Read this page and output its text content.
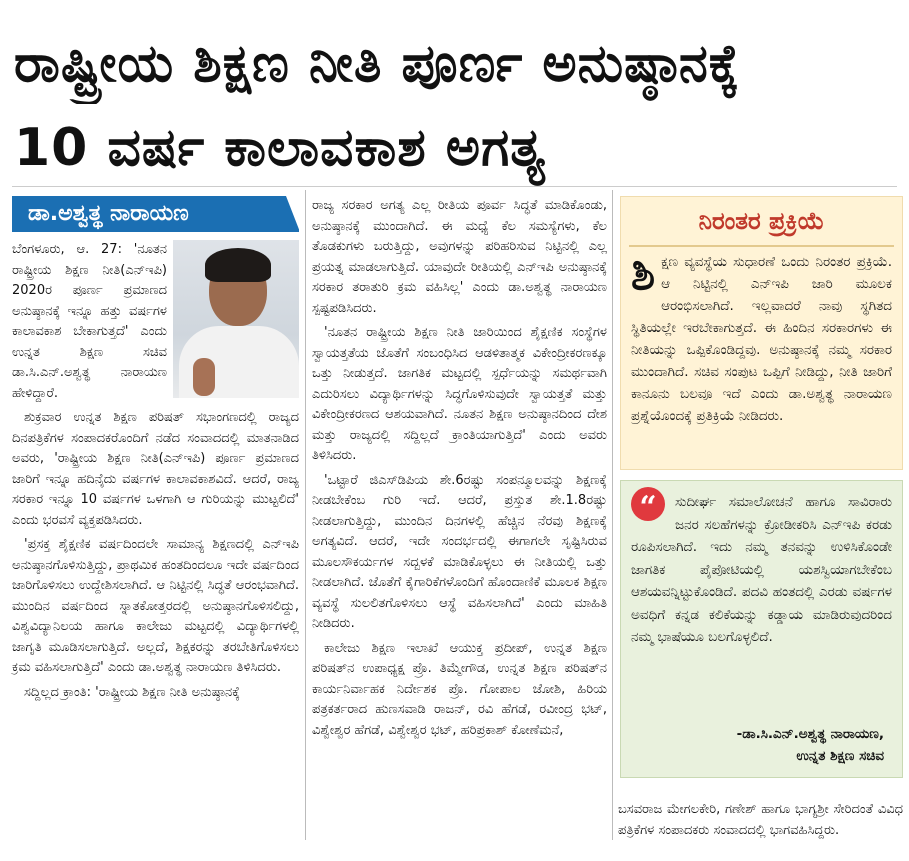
ರಾಷ್ಟ್ರೀಯ ಶಿಕ್ಷಣ ನೀತಿ ಪೂರ್ಣ ಅನುಷ್ಠಾನಕ್ಕೆ
10 ವರ್ಷ ಕಾಲಾವಕಾಶ ಅಗತ್ಯ
ಡಾ.ಅಶ್ವತ್ಥ ನಾರಾಯಣ

ಬೆಂಗಳೂರು, ಆ. 27: 'ನೂತನ ರಾಷ್ಟ್ರೀಯ ಶಿಕ್ಷಣ ನೀತಿ(ಎನ್‌ಇಪಿ) 2020ರ ಪೂರ್ಣ ಪ್ರಮಾಣದ ಅನುಷ್ಠಾನಕ್ಕೆ ಇನ್ನೂ ಹತ್ತು ವರ್ಷಗಳ ಕಾಲಾವಕಾಶ ಬೇಕಾಗುತ್ತದೆ' ಎಂದು ಉನ್ನತ ಶಿಕ್ಷಣ ಸಚಿವ ಡಾ.ಸಿ.ಎನ್.ಅಶ್ವತ್ಥ ನಾರಾಯಣ ಹೇಳಿದ್ದಾರೆ.

ಶುಕ್ರವಾರ ಉನ್ನತ ಶಿಕ್ಷಣ ಪರಿಷತ್ ಸಭಾಂಗಣದಲ್ಲಿ ರಾಜ್ಯದ ದಿನಪತ್ರಿಕೆಗಳ ಸಂಪಾದಕರೊಂದಿಗೆ ನಡೆದ ಸಂವಾದದಲ್ಲಿ ಮಾತನಾಡಿದ ಅವರು, 'ರಾಷ್ಟ್ರೀಯ ಶಿಕ್ಷಣ ನೀತಿ(ಎನ್‌ಇಪಿ) ಪೂರ್ಣ ಪ್ರಮಾಣದ ಜಾರಿಗೆ ಇನ್ನೂ ಹದಿನೈದು ವರ್ಷಗಳ ಕಾಲಾವಕಾಶವಿದೆ. ಆದರೆ, ರಾಜ್ಯ ಸರಕಾರ ಇನ್ನೂ 10 ವರ್ಷಗಳ ಒಳಗಾಗಿ ಆ ಗುರಿಯನ್ನು ಮುಟ್ಟಲಿದೆ' ಎಂದು ಭರವಸೆ ವ್ಯಕ್ತಪಡಿಸಿದರು.

'ಪ್ರಸಕ್ತ ಶೈಕ್ಷಣಿಕ ವರ್ಷದಿಂದಲೇ ಸಾಮಾನ್ಯ ಶಿಕ್ಷಣದಲ್ಲಿ ಎನ್‌ಇಪಿ ಅನುಷ್ಠಾನಗೊಳಿಸುತ್ತಿದ್ದು, ಪ್ರಾಥಮಿಕ ಹಂತದಿಂದಲೂ ಇದೇ ವರ್ಷದಿಂದ ಜಾರಿಗೊಳಿಸಲು ಉದ್ದೇಶಿಸಲಾಗಿದೆ. ಆ ನಿಟ್ಟಿನಲ್ಲಿ ಸಿದ್ಧತೆ ಆರಂಭವಾಗಿದೆ. ಮುಂದಿನ ವರ್ಷದಿಂದ ಸ್ನಾತಕೋತ್ತರದಲ್ಲಿ ಅನುಷ್ಠಾನಗೊಳಿಸಲಿದ್ದು, ವಿಶ್ವವಿದ್ಯಾನಿಲಯ ಹಾಗೂ ಕಾಲೇಜು ಮಟ್ಟದಲ್ಲಿ ವಿದ್ಯಾರ್ಥಿಗಳಲ್ಲಿ ಜಾಗೃತಿ ಮೂಡಿಸಲಾಗುತ್ತಿದೆ. ಅಲ್ಲದೆ, ಶಿಕ್ಷಕರನ್ನು ತರಬೇತಿಗೊಳಿಸಲು ಕ್ರಮ ವಹಿಸಲಾಗುತ್ತಿದೆ' ಎಂದು ಡಾ.ಅಶ್ವತ್ಥ ನಾರಾಯಣ ತಿಳಿಸಿದರು.

ಸದ್ದಿಲ್ಲದ ಕ್ರಾಂತಿ: 'ರಾಷ್ಟ್ರೀಯ ಶಿಕ್ಷಣ ನೀತಿ ಅನುಷ್ಠಾನಕ್ಕೆ

ರಾಜ್ಯ ಸರಕಾರ ಅಗತ್ಯ ಎಲ್ಲ ರೀತಿಯ ಪೂರ್ವ ಸಿದ್ಧತೆ ಮಾಡಿಕೊಂಡು, ಅನುಷ್ಠಾನಕ್ಕೆ ಮುಂದಾಗಿದೆ. ಈ ಮಧ್ಯೆ ಕೆಲ ಸಮಸ್ಯೆಗಳು, ಕೆಲ ತೊಡಕುಗಳು ಬರುತ್ತಿದ್ದು, ಅವುಗಳನ್ನು ಪರಿಹರಿಸುವ ನಿಟ್ಟಿನಲ್ಲಿ ಎಲ್ಲ ಪ್ರಯತ್ನ ಮಾಡಲಾಗುತ್ತಿದೆ. ಯಾವುದೇ ರೀತಿಯಲ್ಲಿ ಎನ್‌ಇಪಿ ಅನುಷ್ಠಾನಕ್ಕೆ ಸರಕಾರ ತರಾತುರಿ ಕ್ರಮ ವಹಿಸಿಲ್ಲ' ಎಂದು ಡಾ.ಅಶ್ವತ್ಥ ನಾರಾಯಣ ಸ್ಪಷ್ಟಪಡಿಸಿದರು.

'ನೂತನ ರಾಷ್ಟ್ರೀಯ ಶಿಕ್ಷಣ ನೀತಿ ಜಾರಿಯಿಂದ ಶೈಕ್ಷಣಿಕ ಸಂಸ್ಥೆಗಳ ಸ್ವಾಯತ್ತತೆಯ ಜೊತೆಗೆ ಸಂಬಂಧಿಸಿದ ಆಡಳಿತಾತ್ಮಕ ವಿಕೇಂದ್ರೀಕರಣಕ್ಕೂ ಒತ್ತು ನೀಡುತ್ತದೆ. ಜಾಗತಿಕ ಮಟ್ಟದಲ್ಲಿ ಸ್ಪರ್ಧೆಯನ್ನು ಸಮರ್ಥವಾಗಿ ಎದುರಿಸಲು ವಿದ್ಯಾರ್ಥಿಗಳನ್ನು ಸಿದ್ಧಗೊಳಿಸುವುದೇ ಸ್ವಾಯತ್ತತೆ ಮತ್ತು ವಿಕೇಂದ್ರೀಕರಣದ ಆಶಯವಾಗಿದೆ. ನೂತನ ಶಿಕ್ಷಣ ಅನುಷ್ಠಾನದಿಂದ ದೇಶ ಮತ್ತು ರಾಜ್ಯದಲ್ಲಿ ಸದ್ದಿಲ್ಲದೆ ಕ್ರಾಂತಿಯಾಗುತ್ತಿದೆ' ಎಂದು ಅವರು ತಿಳಿಸಿದರು.

'ಒಟ್ಟಾರೆ ಜಿಎಸ್‌ಡಿಪಿಯ ಶೇ.6ರಷ್ಟು ಸಂಪನ್ಮೂಲವನ್ನು ಶಿಕ್ಷಣಕ್ಕೆ ನೀಡಬೇಕೆಂಬ ಗುರಿ ಇದೆ. ಆದರೆ, ಪ್ರಸ್ತುತ ಶೇ.1.8ರಷ್ಟು ನೀಡಲಾಗುತ್ತಿದ್ದು, ಮುಂದಿನ ದಿನಗಳಲ್ಲಿ ಹೆಚ್ಚಿನ ನೆರವು ಶಿಕ್ಷಣಕ್ಕೆ ಅಗತ್ಯವಿದೆ. ಆದರೆ, ಇದೇ ಸಂದರ್ಭದಲ್ಲಿ ಈಗಾಗಲೇ ಸೃಷ್ಟಿಸಿರುವ ಮೂಲಸೌಕರ್ಯಗಳ ಸದ್ಬಳಕೆ ಮಾಡಿಕೊಳ್ಳಲು ಈ ನೀತಿಯಲ್ಲಿ ಒತ್ತು ನೀಡಲಾಗಿದೆ. ಜೊತೆಗೆ ಕೈಗಾರಿಕೆಗಳೊಂದಿಗೆ ಹೊಂದಾಣಿಕೆ ಮೂಲಕ ಶಿಕ್ಷಣ ವ್ಯವಸ್ಥೆ ಸುಲಲಿತಗೊಳಿಸಲು ಆಸ್ಥೆ ವಹಿಸಲಾಗಿದೆ' ಎಂದು ಮಾಹಿತಿ ನೀಡಿದರು.

ಕಾಲೇಜು ಶಿಕ್ಷಣ ಇಲಾಖೆ ಆಯುಕ್ತ ಪ್ರದೀಪ್, ಉನ್ನತ ಶಿಕ್ಷಣ ಪರಿಷತ್‌ನ ಉಪಾಧ್ಯಕ್ಷ ಪ್ರೊ. ತಿಮ್ಮೇಗೌಡ, ಉನ್ನತ ಶಿಕ್ಷಣ ಪರಿಷತ್‌ನ ಕಾರ್ಯನಿರ್ವಾಹಕ ನಿರ್ದೇಶಕ ಪ್ರೊ. ಗೋಪಾಲ ಜೋಶಿ, ಹಿರಿಯ ಪತ್ರಕರ್ತರಾದ ಹುಣಸವಾಡಿ ರಾಜನ್, ರವಿ ಹೆಗಡೆ, ರವೀಂದ್ರ ಭಟ್, ವಿಶ್ವೇಶ್ವರ ಹೆಗಡೆ, ವಿಶ್ವೇಶ್ವರ ಭಟ್, ಹರಿಪ್ರಕಾಶ್ ಕೋಣೆಮನೆ,

ನಿರಂತರ ಪ್ರಕ್ರಿಯೆ
ಶಿಕ್ಷಣ ವ್ಯವಸ್ಥೆಯ ಸುಧಾರಣೆ ಒಂದು ನಿರಂತರ ಪ್ರಕ್ರಿಯೆ. ಆ ನಿಟ್ಟಿನಲ್ಲಿ ಎನ್‌ಇಪಿ ಜಾರಿ ಮೂಲಕ ಆರಂಭಿಸಲಾಗಿದೆ. ಇಲ್ಲವಾದರೆ ನಾವು ಸ್ಥಗಿತದ ಸ್ಥಿತಿಯಲ್ಲೇ ಇರಬೇಕಾಗುತ್ತದೆ. ಈ ಹಿಂದಿನ ಸರಕಾರಗಳು ಈ ನೀತಿಯನ್ನು ಒಪ್ಪಿಕೊಂಡಿದ್ದವು. ಅನುಷ್ಠಾನಕ್ಕೆ ನಮ್ಮ ಸರಕಾರ ಮುಂದಾಗಿದೆ. ಸಚಿವ ಸಂಪುಟ ಒಪ್ಪಿಗೆ ನೀಡಿದ್ದು, ನೀತಿ ಜಾರಿಗೆ ಕಾನೂನು ಬಲವೂ ಇದೆ ಎಂದು ಡಾ.ಅಶ್ವತ್ಥ ನಾರಾಯಣ ಪ್ರಶ್ನೆಯೊಂದಕ್ಕೆ ಪ್ರತಿಕ್ರಿಯೆ ನೀಡಿದರು.
“	ಸುದೀರ್ಘ ಸಮಾಲೋಚನೆ ಹಾಗೂ ಸಾವಿರಾರು ಜನರ ಸಲಹೆಗಳನ್ನು ಕ್ರೋಡೀಕರಿಸಿ ಎನ್‌ಇಪಿ ಕರಡು ರೂಪಿಸಲಾಗಿದೆ. ಇದು ನಮ್ಮ ತನವನ್ನು ಉಳಿಸಿಕೊಂಡೇ ಜಾಗತಿಕ ಪೈಪೋಟಿಯಲ್ಲಿ ಯಶಸ್ವಿಯಾಗಬೇಕೆಂಬ ಆಶಯವನ್ನಿಟ್ಟುಕೊಂಡಿದೆ. ಪದವಿ ಹಂತದಲ್ಲಿ ಎರಡು ವರ್ಷಗಳ ಅವಧಿಗೆ ಕನ್ನಡ ಕಲಿಕೆಯನ್ನು ಕಡ್ಡಾಯ ಮಾಡಿರುವುದರಿಂದ ನಮ್ಮ ಭಾಷೆಯೂ ಬಲಗೊಳ್ಳಲಿದೆ.
-ಡಾ.ಸಿ.ಎನ್.ಅಶ್ವತ್ಥ ನಾರಾಯಣ,
ಉನ್ನತ ಶಿಕ್ಷಣ ಸಚಿವ

ಬಸವರಾಜ ಮೇಗಲಕೇರಿ, ಗಣೇಶ್ ಹಾಗೂ ಭಾಗ್ಯಶ್ರೀ ಸೇರಿದಂತೆ ವಿವಿಧ ಪತ್ರಿಕೆಗಳ ಸಂಪಾದಕರು ಸಂವಾದದಲ್ಲಿ ಭಾಗವಹಿಸಿದ್ದರು.
